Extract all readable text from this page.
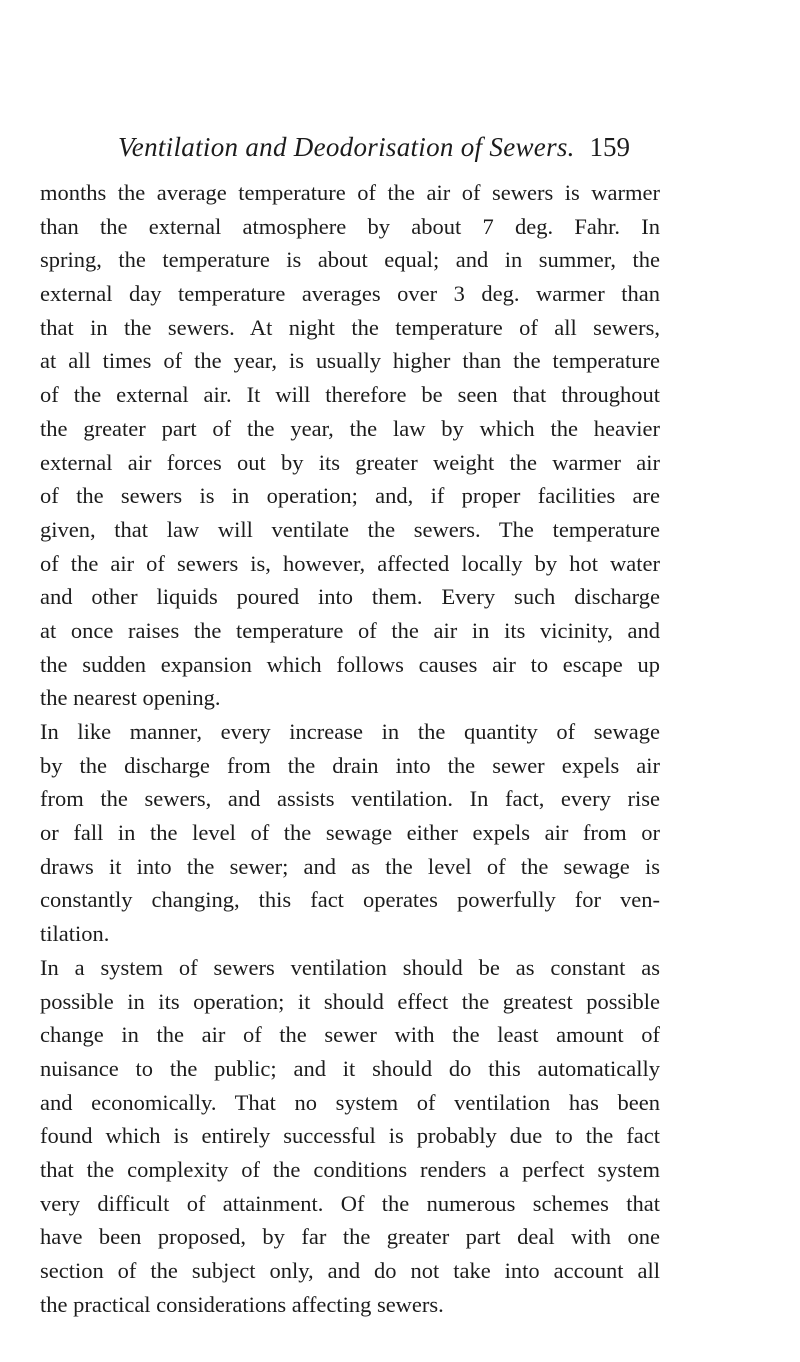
Ventilation and Deodorisation of Sewers. 159
months the average temperature of the air of sewers is warmer
than the external atmosphere by about 7 deg. Fahr. In
spring, the temperature is about equal; and in summer, the
external day temperature averages over 3 deg. warmer than
that in the sewers. At night the temperature of all sewers,
at all times of the year, is usually higher than the temperature
of the external air. It will therefore be seen that throughout
the greater part of the year, the law by which the heavier
external air forces out by its greater weight the warmer air
of the sewers is in operation; and, if proper facilities are
given, that law will ventilate the sewers. The temperature
of the air of sewers is, however, affected locally by hot water
and other liquids poured into them. Every such discharge
at once raises the temperature of the air in its vicinity, and
the sudden expansion which follows causes air to escape up
the nearest opening.
In like manner, every increase in the quantity of sewage
by the discharge from the drain into the sewer expels air
from the sewers, and assists ventilation. In fact, every rise
or fall in the level of the sewage either expels air from or
draws it into the sewer; and as the level of the sewage is
constantly changing, this fact operates powerfully for ven-
tilation.
In a system of sewers ventilation should be as constant as
possible in its operation; it should effect the greatest possible
change in the air of the sewer with the least amount of
nuisance to the public; and it should do this automatically
and economically. That no system of ventilation has been
found which is entirely successful is probably due to the fact
that the complexity of the conditions renders a perfect system
very difficult of attainment. Of the numerous schemes that
have been proposed, by far the greater part deal with one
section of the subject only, and do not take into account all
the practical considerations affecting sewers.
